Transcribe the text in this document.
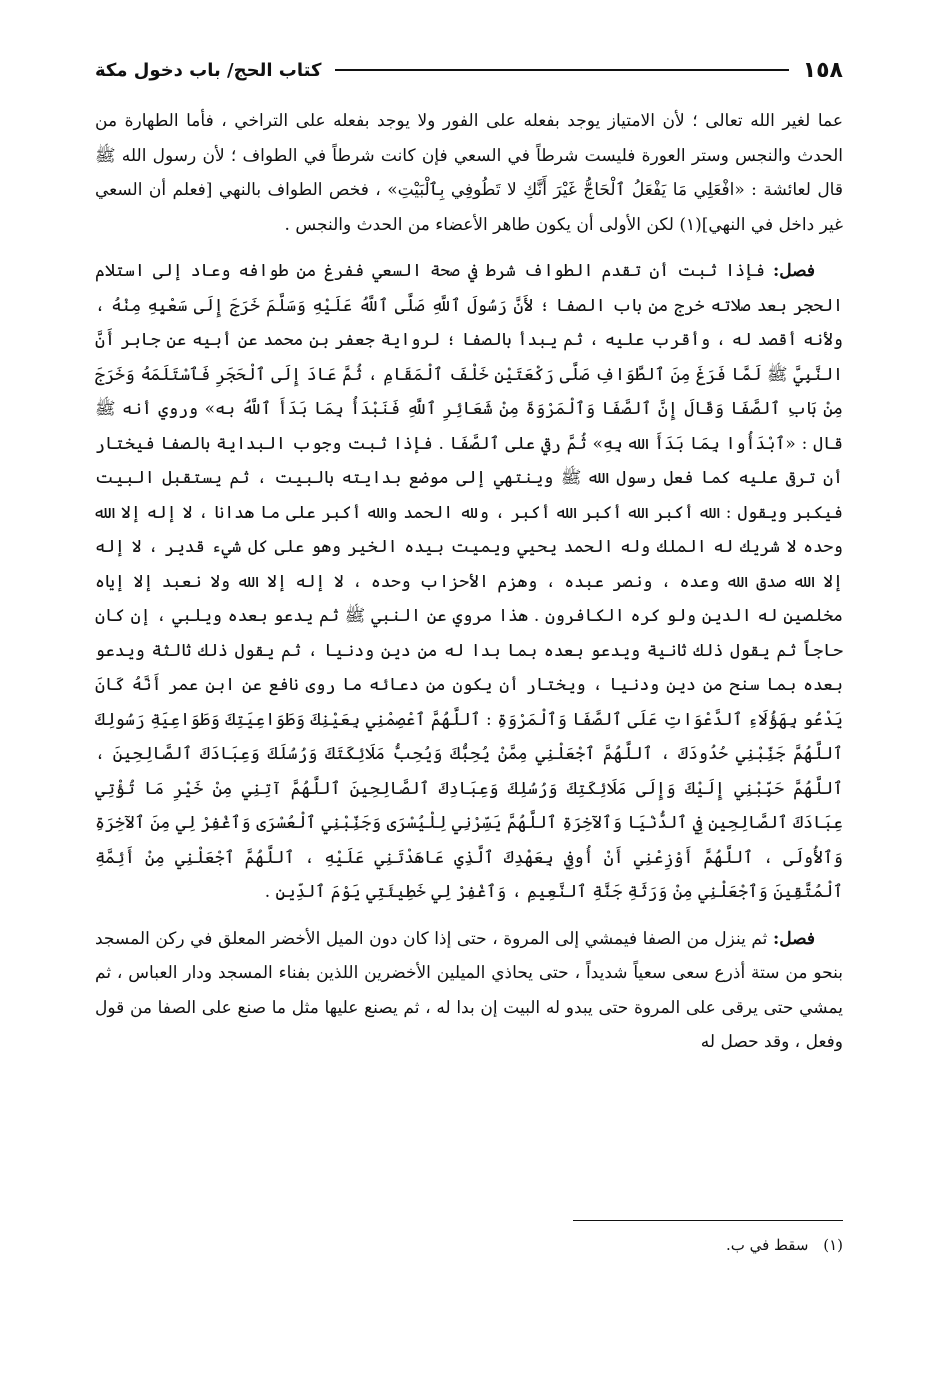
١٥٨
كتاب الحج/ باب دخول مكة

عما لغير الله تعالى ؛ لأن الامتياز يوجد بفعله على الفور ولا يوجد بفعله على التراخي ، فأما الطهارة من الحدث والنجس وستر العورة فليست شرطاً في السعي فإن كانت شرطاً في الطواف ؛ لأن رسول الله ﷺ قال لعائشة : «افْعَلِي مَا يَفْعَلُ ٱلْحَاجُّ غَيْرَ أَنَّكِ لا تَطُوفِي بِٱلْبَيْتِ» ، فخص الطواف بالنهي [فعلم أن السعي غير داخل في النهي](١) لكن الأولى أن يكون طاهر الأعضاء من الحدث والنجس .

فصل: فإذا ثبت أن تقدم الطواف شرط في صحة السعي ففرغ من طوافه وعاد إلى استلام الحجر بعد صلاته خرج من باب الصفا ؛ لأَنَّ رَسُولَ ٱللَّهِ صَلَّى ٱللَّهُ عَلَيْهِ وَسَلَّمَ خَرَجَ إِلَى سَعْيِهِ مِنْهُ ، ولأنه أقصد له ، وأقرب عليه ، ثم يبدأ بالصفا ؛ لرواية جعفر بن محمد عن أبيه عن جابر أَنَّ النَّبِيَّ ﷺ لَمَّا فَرَغَ مِنَ ٱلطَّوَافِ صَلَّى رَكْعَتَيْنِ خَلْفَ ٱلْمَقَامِ ، ثُمَّ عَادَ إِلَى ٱلْحَجَرِ فَٱسْتَلَمَهُ وَخَرَجَ مِنْ بَابِ ٱلصَّفَا وَقَالَ إِنَّ ٱلصَّفَا وَٱلْمَرْوَةَ مِنْ شَعَائِرِ ٱللَّهِ فَنَبْدَأُ بِمَا بَدَأَ ٱللَّهُ به» وروي أنه ﷺ قال : «ٱبْدَأُوا بِمَا بَدَأَ الله بِهِ» ثُمَّ رقي على ٱلصَّفَا . فإذا ثبت وجوب البداية بالصفا فيختار أن ترقى عليه كما فعل رسول الله ﷺ وينتهي إلى موضع بدايته بالبيت ، ثم يستقبل البيت فيكبر ويقول : الله أكبر الله أكبر الله أكبر ، ولله الحمد والله أكبر على ما هدانا ، لا إله إلا الله وحده لا شريك له الملك وله الحمد يحيي ويميت بيده الخير وهو على كل شيء قدير ، لا إله إلا الله صدق الله وعده ، ونصر عبده ، وهزم الأحزاب وحده ، لا إله إلا الله ولا نعبد إلا إياه مخلصين له الدين ولو كره الكافرون . هذا مروي عن النبي ﷺ ثم يدعو بعده ويلبي ، إن كان حاجاً ثم يقول ذلك ثانية ويدعو بعده بما بدا له من دين ودنيا ، ثم يقول ذلك ثالثة ويدعو بعده بما سنح من دين ودنيا ، ويختار أن يكون من دعائه ما روى نافع عن ابن عمر أَنَّهُ كَانَ يَدْعُو بِهَؤُلَاءِ ٱلدَّعْوَاتِ عَلَى ٱلصَّفَا وَٱلْمَرْوَةِ : ٱللَّهُمَّ ٱعْصِمْنِي بِعَيْنِكَ وَطَوَاعِيَتِكَ وَطَوَاعِيَةِ رَسُولِكَ ٱللَّهُمَّ جَنِّبْنِي حُدُودَكَ ، ٱللَّهُمَّ ٱجْعَلْنِي مِمَّنْ يُحِبُّكَ وَيُحِبُّ مَلَائِكَتَكَ وَرُسُلَكَ وَعِبَادَكَ ٱلصَّالِحِينَ ، ٱللَّهُمَّ حَبِّبْنِي إِلَيْكَ وَإِلَى مَلَائِكَتِكَ وَرُسُلِكَ وَعِبَادِكَ ٱلصَّالِحِينَ ٱللَّهُمَّ آتِنِي مِنْ خَيْرِ مَا تُؤْتِي عِبَادَكَ ٱلصَّالِحِين فِي ٱلدُّنْيَا وَٱلآخِرَةِ ٱللَّهُمَّ يَسِّرْنِي لِلْيُسْرَى وَجَنِّبْنِي ٱلْعُسْرَى وَٱغْفِرْ لِي مِنَ ٱلآخِرَةِ وَٱلأُولَى ، ٱللَّهُمَّ أَوْزِعْنِي أَنْ أُوفِي بِعَهْدِكَ ٱلَّذِي عَاهَدْتَنِي عَلَيْهِ ، ٱللَّهُمَّ ٱجْعَلْنِي مِنْ أَئِمَّةِ ٱلْمُتَّقِينَ وَٱجْعَلْنِي مِنْ وَرَثَةِ جَنَّةِ ٱلنَّعِيمِ ، وَٱغْفِرْ لِي خَطِيئَتِي يَوْمَ ٱلدِّينِ .

فصل: ثم ينزل من الصفا فيمشي إلى المروة ، حتى إذا كان دون الميل الأخضر المعلق في ركن المسجد بنحو من ستة أذرع سعى سعياً شديداً ، حتى يحاذي الميلين الأخضرين اللذين بفناء المسجد ودار العباس ، ثم يمشي حتى يرقى على المروة حتى يبدو له البيت إن بدا له ، ثم يصنع عليها مثل ما صنع على الصفا من قول وفعل ، وقد حصل له

(١) سقط في ب.
